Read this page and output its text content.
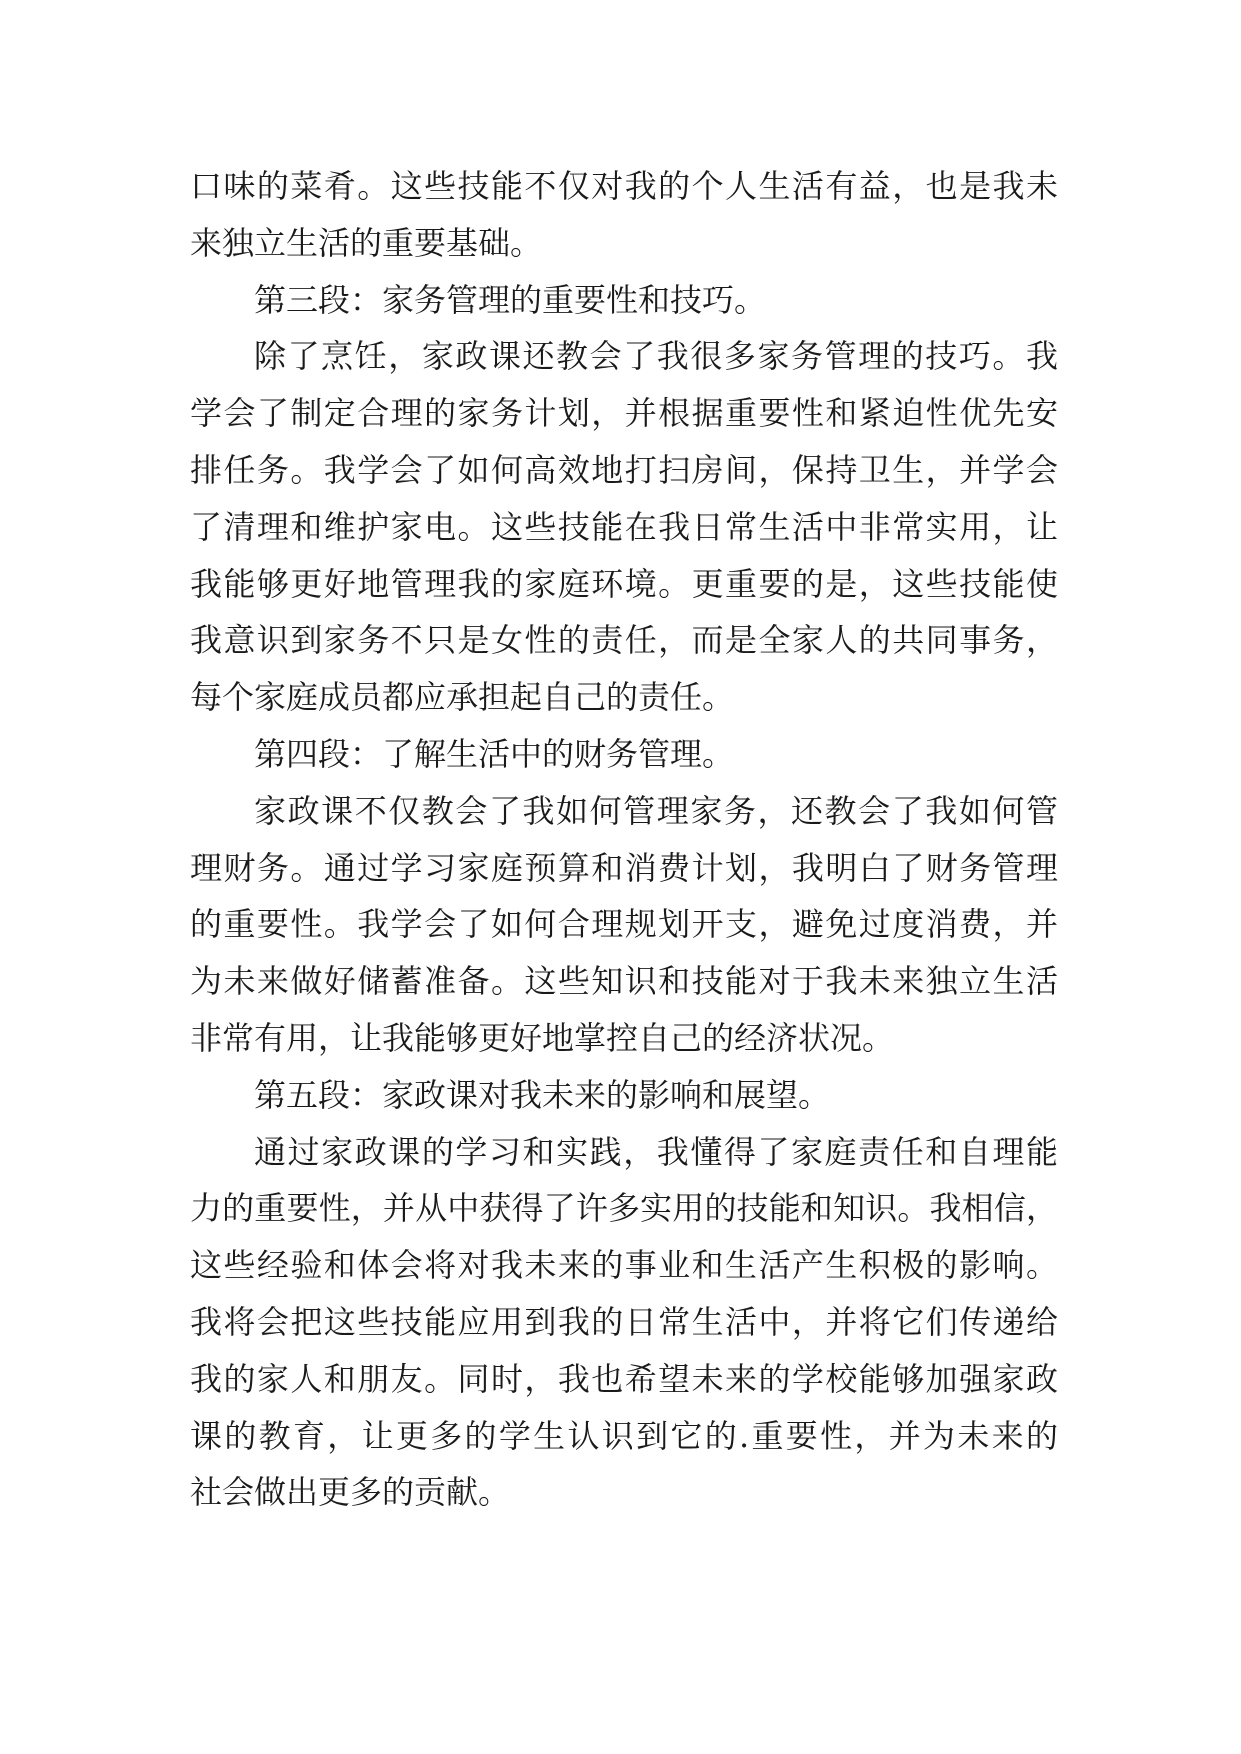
口味的菜肴。这些技能不仅对我的个人生活有益，也是我未
来独立生活的重要基础。
第三段：家务管理的重要性和技巧。
除了烹饪，家政课还教会了我很多家务管理的技巧。我
学会了制定合理的家务计划，并根据重要性和紧迫性优先安
排任务。我学会了如何高效地打扫房间，保持卫生，并学会
了清理和维护家电。这些技能在我日常生活中非常实用，让
我能够更好地管理我的家庭环境。更重要的是，这些技能使
我意识到家务不只是女性的责任，而是全家人的共同事务，
每个家庭成员都应承担起自己的责任。
第四段：了解生活中的财务管理。
家政课不仅教会了我如何管理家务，还教会了我如何管
理财务。通过学习家庭预算和消费计划，我明白了财务管理
的重要性。我学会了如何合理规划开支，避免过度消费，并
为未来做好储蓄准备。这些知识和技能对于我未来独立生活
非常有用，让我能够更好地掌控自己的经济状况。
第五段：家政课对我未来的影响和展望。
通过家政课的学习和实践，我懂得了家庭责任和自理能
力的重要性，并从中获得了许多实用的技能和知识。我相信，
这些经验和体会将对我未来的事业和生活产生积极的影响。
我将会把这些技能应用到我的日常生活中，并将它们传递给
我的家人和朋友。同时，我也希望未来的学校能够加强家政
课的教育，让更多的学生认识到它的.重要性，并为未来的
社会做出更多的贡献。
